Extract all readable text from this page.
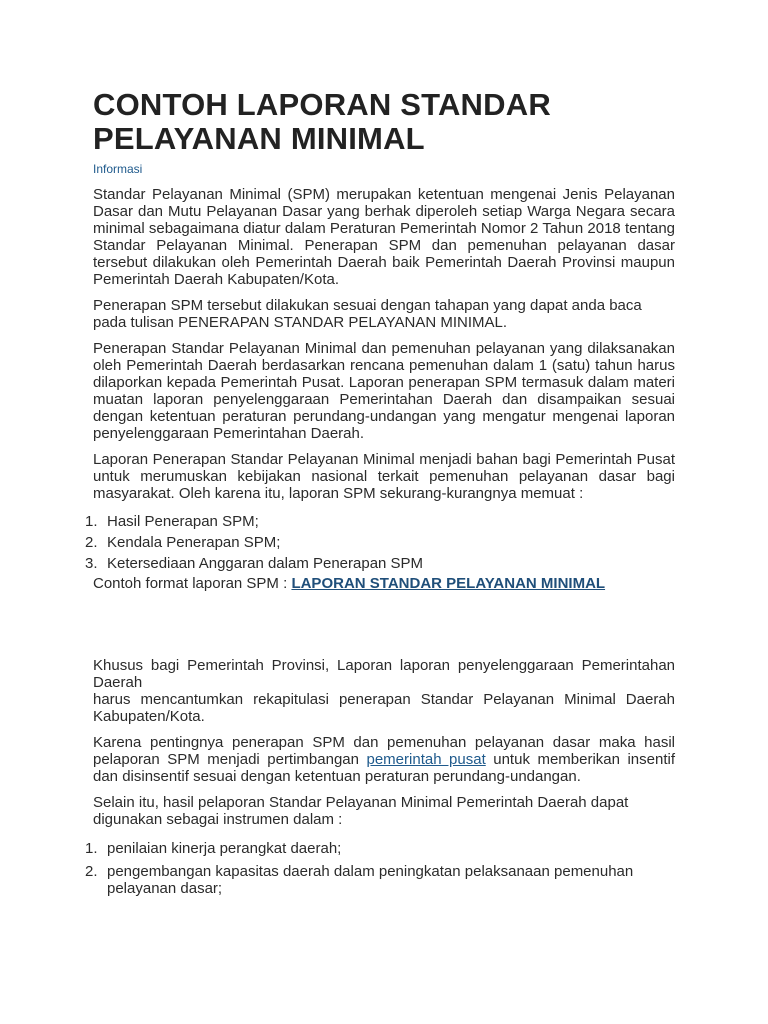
CONTOH LAPORAN STANDAR PELAYANAN MINIMAL
Informasi

Standar Pelayanan Minimal (SPM) merupakan ketentuan mengenai Jenis Pelayanan Dasar dan Mutu Pelayanan Dasar yang berhak diperoleh setiap Warga Negara secara minimal sebagaimana diatur dalam Peraturan Pemerintah Nomor 2 Tahun 2018 tentang Standar Pelayanan Minimal. Penerapan SPM dan pemenuhan pelayanan dasar tersebut dilakukan oleh Pemerintah Daerah baik Pemerintah Daerah Provinsi maupun Pemerintah Daerah Kabupaten/Kota.

Penerapan SPM tersebut dilakukan sesuai dengan tahapan yang dapat anda baca pada tulisan PENERAPAN STANDAR PELAYANAN MINIMAL.

Penerapan Standar Pelayanan Minimal dan pemenuhan pelayanan yang dilaksanakan oleh Pemerintah Daerah berdasarkan rencana pemenuhan dalam 1 (satu) tahun harus dilaporkan kepada Pemerintah Pusat. Laporan penerapan SPM termasuk dalam materi muatan laporan penyelenggaraan Pemerintahan Daerah dan disampaikan sesuai dengan ketentuan peraturan perundang-undangan yang mengatur mengenai laporan penyelenggaraan Pemerintahan Daerah.

Laporan Penerapan Standar Pelayanan Minimal menjadi bahan bagi Pemerintah Pusat untuk merumuskan kebijakan nasional terkait pemenuhan pelayanan dasar bagi masyarakat. Oleh karena itu, laporan SPM sekurang-kurangnya memuat :

1. Hasil Penerapan SPM;
2. Kendala Penerapan SPM;
3. Ketersediaan Anggaran dalam Penerapan SPM

Contoh format laporan SPM : LAPORAN STANDAR PELAYANAN MINIMAL

Khusus bagi Pemerintah Provinsi, Laporan laporan penyelenggaraan Pemerintahan Daerah

harus mencantumkan rekapitulasi penerapan Standar Pelayanan Minimal Daerah Kabupaten/Kota.

Karena pentingnya penerapan SPM dan pemenuhan pelayanan dasar maka hasil pelaporan SPM menjadi pertimbangan pemerintah pusat untuk memberikan insentif dan disinsentif sesuai dengan ketentuan peraturan perundang-undangan.

Selain itu, hasil pelaporan Standar Pelayanan Minimal Pemerintah Daerah dapat digunakan sebagai instrumen dalam :

1. penilaian kinerja perangkat daerah;
2. pengembangan kapasitas daerah dalam peningkatan pelaksanaan pemenuhan pelayanan dasar;
